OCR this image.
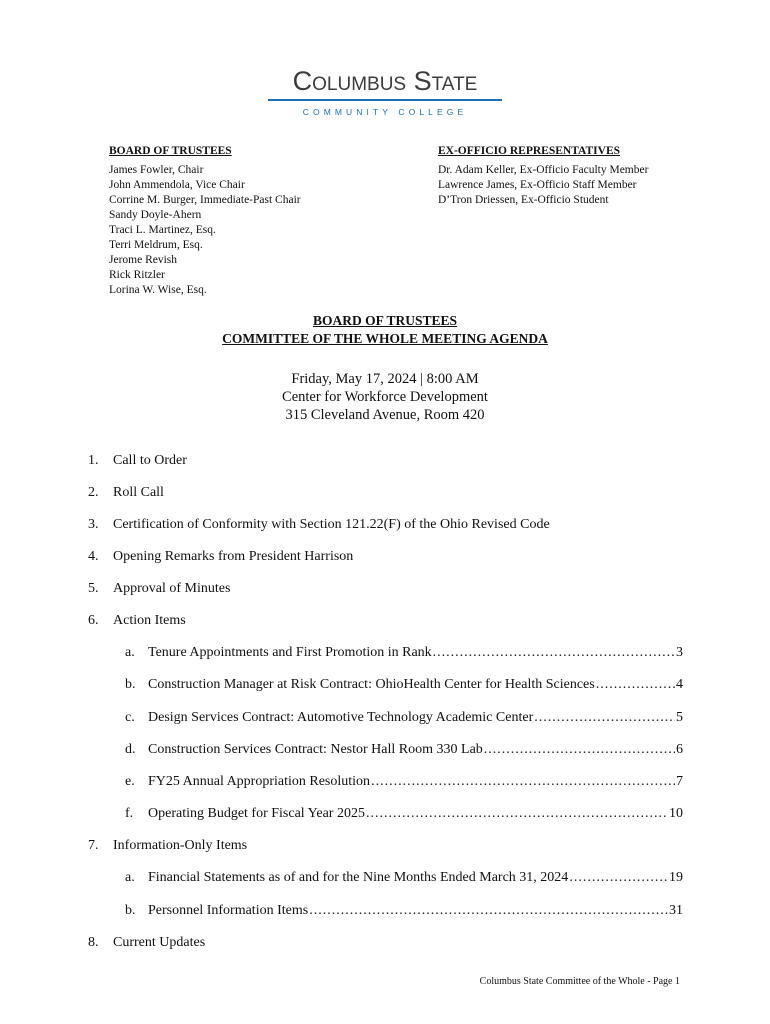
Columbus State
COMMUNITY COLLEGE
BOARD OF TRUSTEES
James Fowler, Chair
John Ammendola, Vice Chair
Corrine M. Burger, Immediate-Past Chair
Sandy Doyle-Ahern
Traci L. Martinez, Esq.
Terri Meldrum, Esq.
Jerome Revish
Rick Ritzler
Lorina W. Wise, Esq.
EX-OFFICIO REPRESENTATIVES
Dr. Adam Keller, Ex-Officio Faculty Member
Lawrence James, Ex-Officio Staff Member
D’Tron Driessen, Ex-Officio Student
BOARD OF TRUSTEES
COMMITTEE OF THE WHOLE MEETING AGENDA
Friday, May 17, 2024 | 8:00 AM
Center for Workforce Development
315 Cleveland Avenue, Room 420
1.	Call to Order
2.	Roll Call
3.	Certification of Conformity with Section 121.22(F) of the Ohio Revised Code
4.	Opening Remarks from President Harrison
5.	Approval of Minutes
6.	Action Items
a. Tenure Appointments and First Promotion in Rank .....	3
b. Construction Manager at Risk Contract: OhioHealth Center for Health Sciences .....	4
c. Design Services Contract: Automotive Technology Academic Center .....	5
d. Construction Services Contract: Nestor Hall Room 330 Lab .....	6
e. FY25 Annual Appropriation Resolution .....	7
f.	Operating Budget for Fiscal Year 2025 .....	10
7.	Information-Only Items
a. Financial Statements as of and for the Nine Months Ended March 31, 2024 .....	19
b. Personnel Information Items .....	31
8.	Current Updates
Columbus State Committee of the Whole - Page 1
